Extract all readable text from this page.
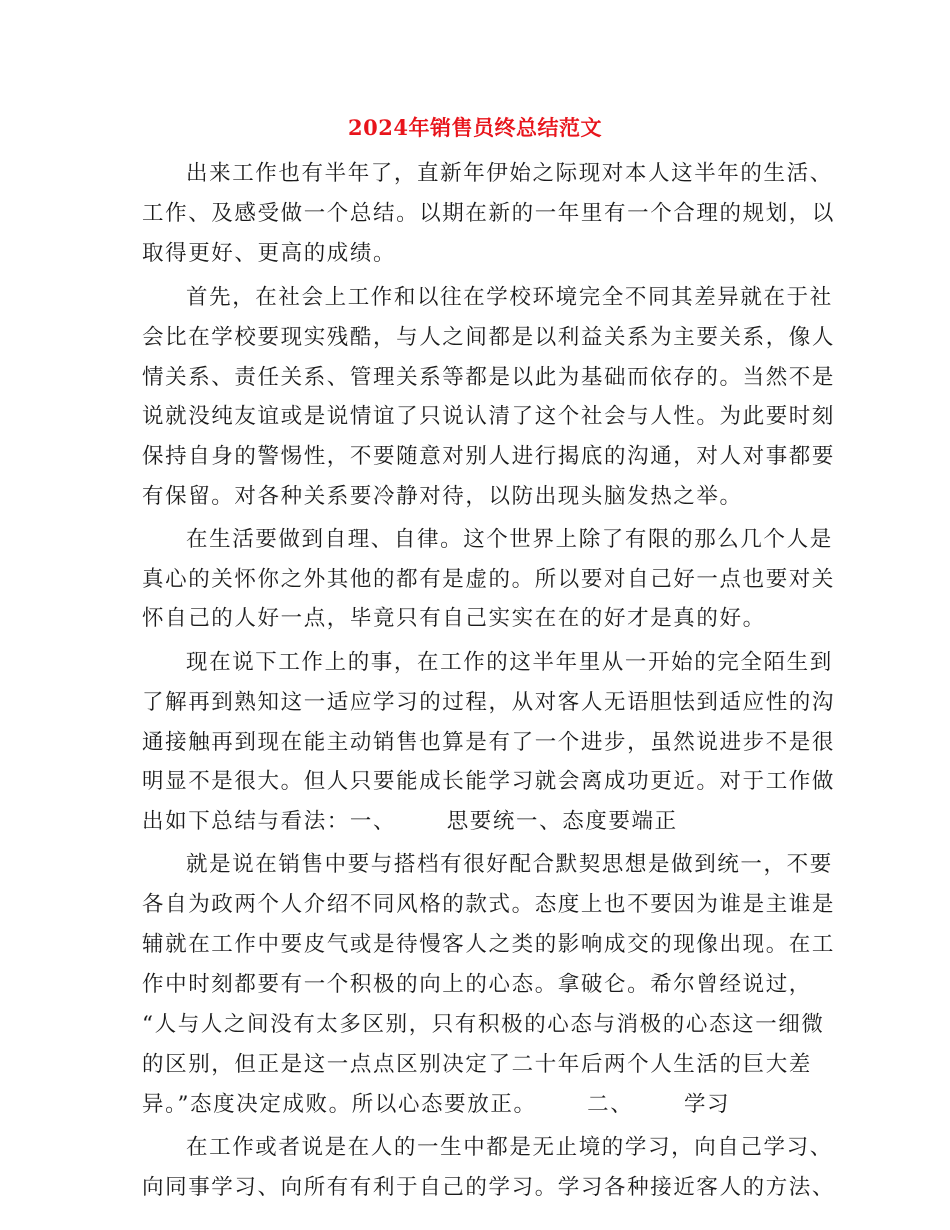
2024年销售员终总结范文
出来工作也有半年了，直新年伊始之际现对本人这半年的生活、
工作、及感受做一个总结。以期在新的一年里有一个合理的规划，以
取得更好、更高的成绩。
首先，在社会上工作和以往在学校环境完全不同其差异就在于社
会比在学校要现实残酷，与人之间都是以利益关系为主要关系，像人
情关系、责任关系、管理关系等都是以此为基础而依存的。当然不是
说就没纯友谊或是说情谊了只说认清了这个社会与人性。为此要时刻
保持自身的警惕性，不要随意对别人进行揭底的沟通，对人对事都要
有保留。对各种关系要冷静对待，以防出现头脑发热之举。
在生活要做到自理、自律。这个世界上除了有限的那么几个人是
真心的关怀你之外其他的都有是虚的。所以要对自己好一点也要对关
怀自己的人好一点，毕竟只有自己实实在在的好才是真的好。
现在说下工作上的事，在工作的这半年里从一开始的完全陌生到
了解再到熟知这一适应学习的过程，从对客人无语胆怯到适应性的沟
通接触再到现在能主动销售也算是有了一个进步，虽然说进步不是很
明显不是很大。但人只要能成长能学习就会离成功更近。对于工作做
出如下总结与看法：一、      思要统一、态度要端正
就是说在销售中要与搭档有很好配合默契思想是做到统一，不要
各自为政两个人介绍不同风格的款式。态度上也不要因为谁是主谁是
辅就在工作中要皮气或是待慢客人之类的影响成交的现像出现。在工
作中时刻都要有一个积极的向上的心态。拿破仑。希尔曾经说过，
“人与人之间没有太多区别，只有积极的心态与消极的心态这一细微
的区别，但正是这一点点区别决定了二十年后两个人生活的巨大差
异。”态度决定成败。所以心态要放正。      二、      学习
在工作或者说是在人的一生中都是无止境的学习，向自己学习、
向同事学习、向所有有利于自己的学习。学习各种接近客人的方法、
